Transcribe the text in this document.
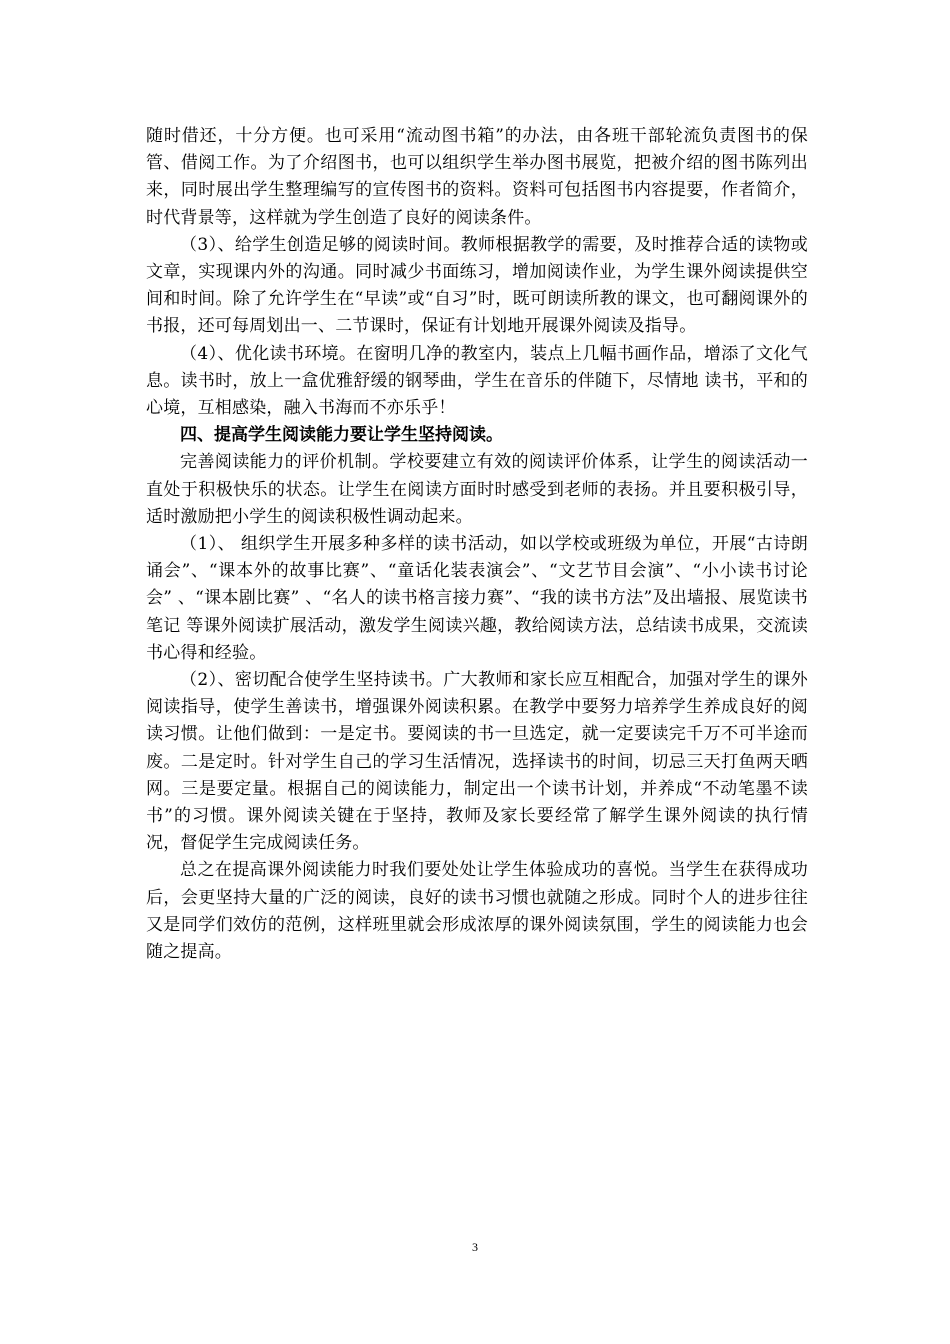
随时借还，十分方便。也可采用“流动图书箱”的办法，由各班干部轮流负责图书的保管、借阅工作。为了介绍图书，也可以组织学生举办图书展览，把被介绍的图书陈列出来，同时展出学生整理编写的宣传图书的资料。资料可包括图书内容提要，作者简介，时代背景等，这样就为学生创造了良好的阅读条件。

（3）、给学生创造足够的阅读时间。教师根据教学的需要，及时推荐合适的读物或文章，实现课内外的沟通。同时减少书面练习，增加阅读作业，为学生课外阅读提供空间和时间。除了允许学生在“早读”或“自习”时，既可朗读所教的课文，也可翻阅课外的书报，还可每周划出一、二节课时，保证有计划地开展课外阅读及指导。

（4）、优化读书环境。在窗明几净的教室内，装点上几幅书画作品，增添了文化气息。读书时，放上一盒优雅舒缓的钢琴曲，学生在音乐的伴随下，尽情地 读书，平和的心境，互相感染，融入书海而不亦乐乎！

四、提高学生阅读能力要让学生坚持阅读。

完善阅读能力的评价机制。学校要建立有效的阅读评价体系，让学生的阅读活动一直处于积极快乐的状态。让学生在阅读方面时时感受到老师的表扬。并且要积极引导，适时激励把小学生的阅读积极性调动起来。

（1）、 组织学生开展多种多样的读书活动，如以学校或班级为单位，开展“古诗朗诵会”、“课本外的故事比赛”、“童话化装表演会”、“文艺节目会演”、“小小读书讨论会” 、“课本剧比赛” 、“名人的读书格言接力赛”、“我的读书方法”及出墙报、展览读书笔记 等课外阅读扩展活动，激发学生阅读兴趣，教给阅读方法，总结读书成果，交流读书心得和经验。

（2）、密切配合使学生坚持读书。广大教师和家长应互相配合，加强对学生的课外阅读指导，使学生善读书，增强课外阅读积累。在教学中要努力培养学生养成良好的阅读习惯。让他们做到：一是定书。要阅读的书一旦选定，就一定要读完千万不可半途而废。二是定时。针对学生自己的学习生活情况，选择读书的时间，切忌三天打鱼两天晒网。三是要定量。根据自己的阅读能力，制定出一个读书计划，并养成“不动笔墨不读书”的习惯。课外阅读关键在于坚持，教师及家长要经常了解学生课外阅读的执行情况，督促学生完成阅读任务。

总之在提高课外阅读能力时我们要处处让学生体验成功的喜悦。当学生在获得成功后，会更坚持大量的广泛的阅读，良好的读书习惯也就随之形成。同时个人的进步往往又是同学们效仿的范例，这样班里就会形成浓厚的课外阅读氛围，学生的阅读能力也会随之提高。

3
